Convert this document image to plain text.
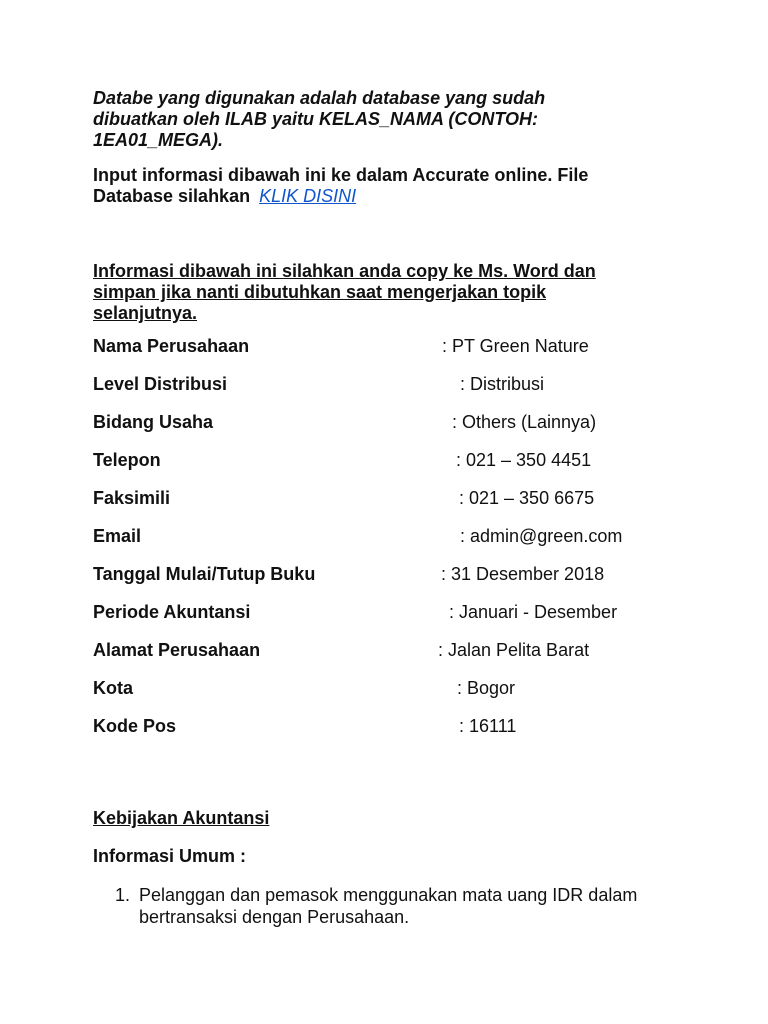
Databe yang digunakan adalah database yang sudah
dibuatkan oleh ILAB yaitu KELAS_NAMA (CONTOH:
1EA01_MEGA).

Input informasi dibawah ini ke dalam Accurate online. File
Database silahkan KLIK DISINI

Informasi dibawah ini silahkan anda copy ke Ms. Word dan
simpan jika nanti dibutuhkan saat mengerjakan topik
selanjutnya.

Nama Perusahaan	: PT Green Nature
Level Distribusi	: Distribusi
Bidang Usaha	: Others (Lainnya)
Telepon	: 021 – 350 4451
Faksimili	: 021 – 350 6675
Email	: admin@green.com
Tanggal Mulai/Tutup Buku	: 31 Desember 2018
Periode Akuntansi	: Januari - Desember
Alamat Perusahaan	: Jalan Pelita Barat
Kota	: Bogor
Kode Pos	: 16111
Kebijakan Akuntansi
Informasi Umum :
1. Pelanggan dan pemasok menggunakan mata uang IDR dalam
bertransaksi dengan Perusahaan.
